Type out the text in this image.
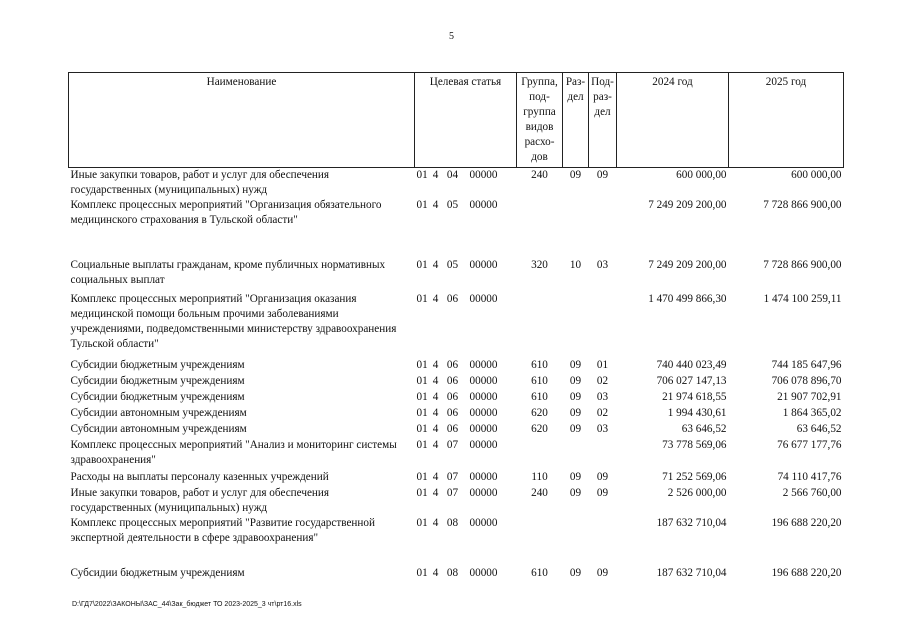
5
Наименование	Целевая статья	Группа, под- группа видов расхо- дов	Раз- дел	Под- раз- дел	2024 год	2025 год
Иные закупки товаров, работ и услуг для обеспечения государственных (муниципальных) нужд	01 4 04 00000	240	09	09	600 000,00	600 000,00
Комплекс процессных мероприятий "Организация обязательного медицинского страхования в Тульской области"	01 4 05 00000				7 249 209 200,00	7 728 866 900,00
Социальные выплаты гражданам, кроме публичных нормативных социальных выплат	01 4 05 00000	320	10	03	7 249 209 200,00	7 728 866 900,00
Комплекс процессных мероприятий "Организация оказания медицинской помощи больным прочими заболеваниями учреждениями, подведомственными министерству здравоохранения Тульской области"	01 4 06 00000				1 470 499 866,30	1 474 100 259,11
Субсидии бюджетным учреждениям	01 4 06 00000	610	09	01	740 440 023,49	744 185 647,96
Субсидии бюджетным учреждениям	01 4 06 00000	610	09	02	706 027 147,13	706 078 896,70
Субсидии бюджетным учреждениям	01 4 06 00000	610	09	03	21 974 618,55	21 907 702,91
Субсидии автономным учреждениям	01 4 06 00000	620	09	02	1 994 430,61	1 864 365,02
Субсидии автономным учреждениям	01 4 06 00000	620	09	03	63 646,52	63 646,52
Комплекс процессных мероприятий "Анализ и мониторинг системы здравоохранения"	01 4 07 00000				73 778 569,06	76 677 177,76
Расходы на выплаты персоналу казенных учреждений	01 4 07 00000	110	09	09	71 252 569,06	74 110 417,76
Иные закупки товаров, работ и услуг для обеспечения государственных (муниципальных) нужд	01 4 07 00000	240	09	09	2 526 000,00	2 566 760,00
Комплекс процессных мероприятий "Развитие государственной экспертной деятельности в сфере здравоохранения"	01 4 08 00000				187 632 710,04	196 688 220,20
Субсидии бюджетным учреждениям	01 4 08 00000	610	09	09	187 632 710,04	196 688 220,20
D:\ГД7\2022\ЗАКОНЫ\ЗАС_44\Зак_бюджет ТО 2023-2025_3 чт\рт16.xls
